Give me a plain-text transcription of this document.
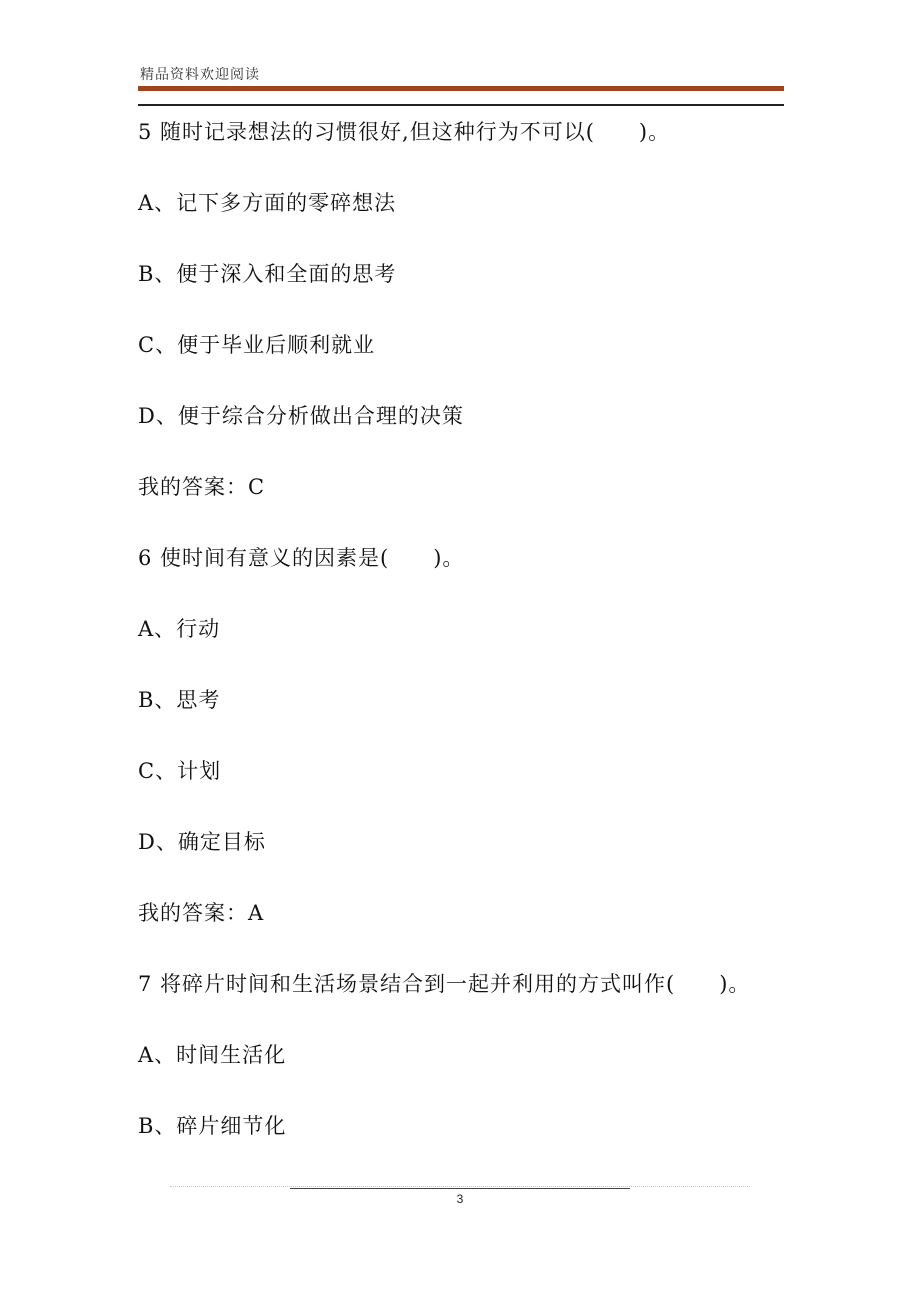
精品资料欢迎阅读
5 随时记录想法的习惯很好,但这种行为不可以(　　)。
A、记下多方面的零碎想法
B、便于深入和全面的思考
C、便于毕业后顺利就业
D、便于综合分析做出合理的决策
我的答案：C
6 使时间有意义的因素是(　　)。
A、行动
B、思考
C、计划
D、确定目标
我的答案：A
7 将碎片时间和生活场景结合到一起并利用的方式叫作(　　)。
A、时间生活化
B、碎片细节化
3
